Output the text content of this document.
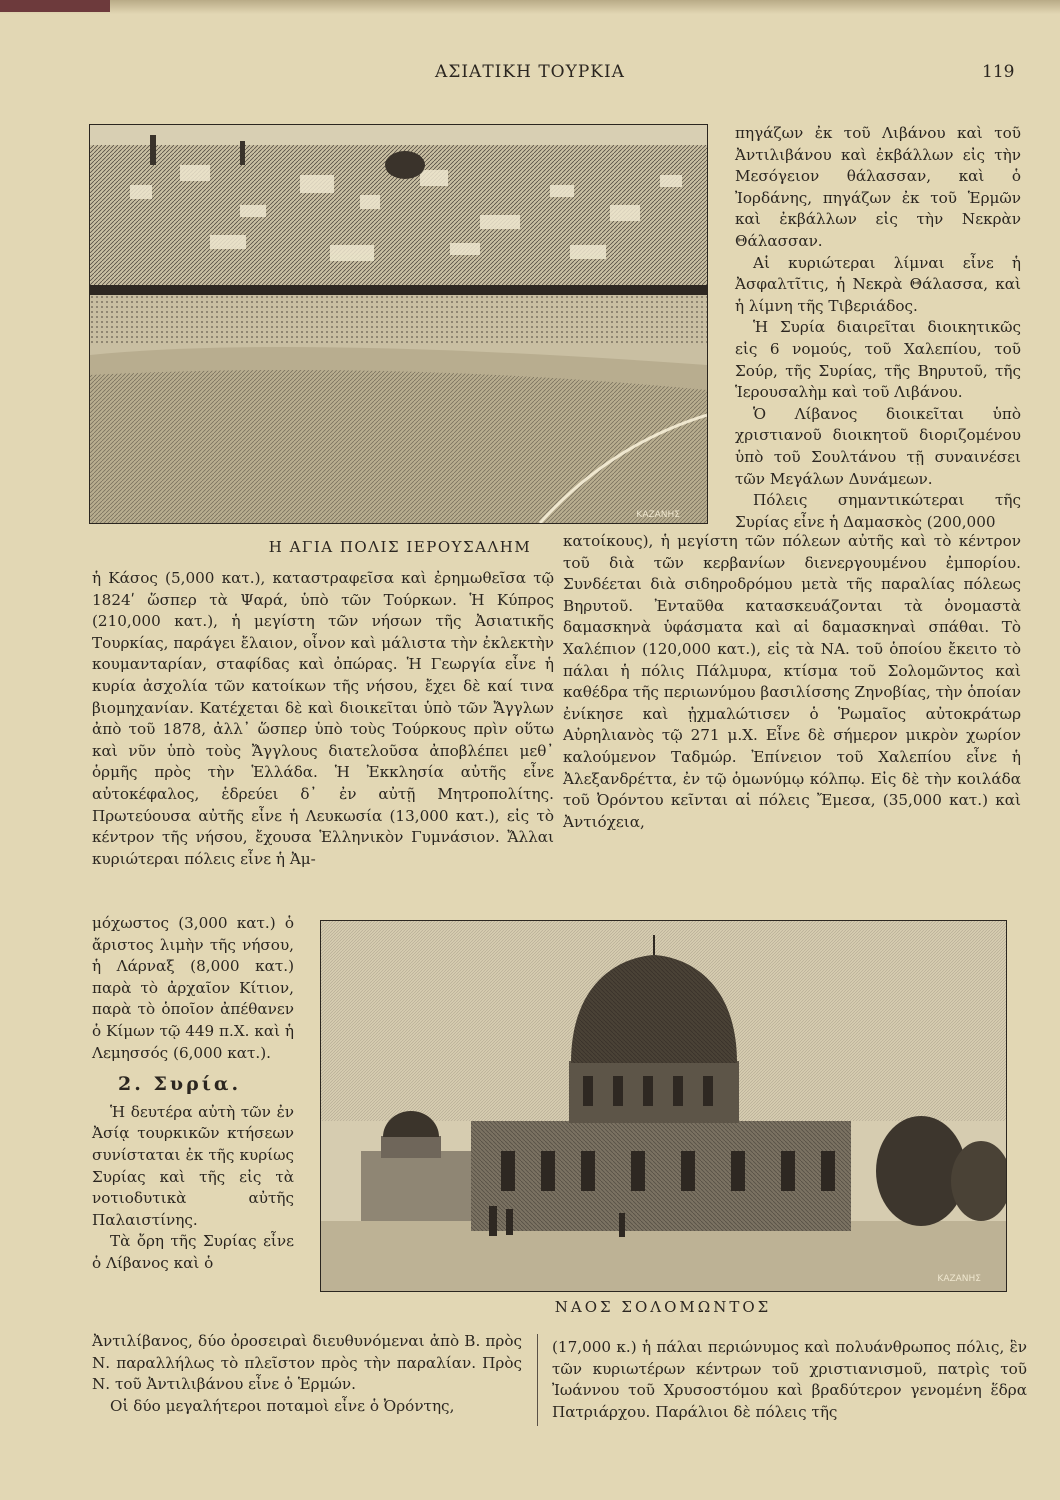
ΑΣΙΑΤΙΚΗ ΤΟΥΡΚΙΑ	119
ΚΑΖΑΝΗΣ
Η ΑΓΙΑ ΠΟΛΙΣ ΙΕΡΟΥΣΑΛΗΜ

πηγάζων ἐκ τοῦ Λιβάνου καὶ τοῦ Ἀντιλιβάνου καὶ ἐκβάλλων εἰς τὴν Μεσόγειον θάλασσαν, καὶ ὁ Ἰορδάνης, πηγάζων ἐκ τοῦ Ἑρμῶν καὶ ἐκβάλλων εἰς τὴν Νεκρὰν Θάλασσαν.

Αἱ κυριώτεραι λίμναι εἶνε ἡ Ἀσφαλτῖτις, ἡ Νεκρὰ Θάλασσα, καὶ ἡ λίμνη τῆς Τιβεριάδος.

Ἡ Συρία διαιρεῖται διοικητικῶς εἰς 6 νομούς, τοῦ Χαλεπίου, τοῦ Σούρ, τῆς Συρίας, τῆς Βηρυτοῦ, τῆς Ἱερουσαλὴμ καὶ τοῦ Λιβάνου.

Ὁ Λίβανος διοικεῖται ὑπὸ χριστιανοῦ διοικητοῦ διοριζομένου ὑπὸ τοῦ Σουλτάνου τῇ συναινέσει τῶν Μεγάλων Δυνάμεων.

Πόλεις σημαντικώτεραι τῆς Συρίας εἶνε ἡ Δαμασκὸς (200,000

κατοίκους), ἡ μεγίστη τῶν πόλεων αὐτῆς καὶ τὸ κέντρον τοῦ διὰ τῶν κερβανίων διενεργουμένου ἐμπορίου. Συνδέεται διὰ σιδηροδρόμου μετὰ τῆς παραλίας πόλεως Βηρυτοῦ. Ἐνταῦθα κατασκευάζονται τὰ ὀνομαστὰ δαμασκηνὰ ὑφάσματα καὶ αἱ δαμασκηναὶ σπάθαι. Τὸ Χαλέπιον (120,000 κατ.), εἰς τὰ ΝΑ. τοῦ ὁποίου ἔκειτο τὸ πάλαι ἡ πόλις Πάλμυρα, κτίσμα τοῦ Σολομῶντος καὶ καθέδρα τῆς περιωνύμου βασιλίσσης Ζηνοβίας, τὴν ὁποίαν ἐνίκησε καὶ ᾐχμαλώτισεν ὁ Ῥωμαῖος αὐτοκράτωρ Αὐρηλιανὸς τῷ 271 μ.Χ. Εἶνε δὲ σήμερον μικρὸν χωρίον καλούμενον Ταδμώρ. Ἐπίνειον τοῦ Χαλεπίου εἶνε ἡ Ἀλεξανδρέττα, ἐν τῷ ὁμωνύμῳ κόλπῳ. Εἰς δὲ τὴν κοιλάδα τοῦ Ὀρόντου κεῖνται αἱ πόλεις Ἔμεσα, (35,000 κατ.) καὶ Ἀντιόχεια,

ἡ Κάσος (5,000 κατ.), καταστραφεῖσα καὶ ἐρημωθεῖσα τῷ 1824ʹ ὥσπερ τὰ Ψαρά, ὑπὸ τῶν Τούρκων. Ἡ Κύπρος (210,000 κατ.), ἡ μεγίστη τῶν νήσων τῆς Ἀσιατικῆς Τουρκίας, παράγει ἔλαιον, οἶνον καὶ μάλιστα τὴν ἐκλεκτὴν κουμανταρίαν, σταφίδας καὶ ὀπώρας. Ἡ Γεωργία εἶνε ἡ κυρία ἀσχολία τῶν κατοίκων τῆς νήσου, ἔχει δὲ καί τινα βιομηχανίαν. Κατέχεται δὲ καὶ διοικεῖται ὑπὸ τῶν Ἄγγλων ἀπὸ τοῦ 1878, ἀλλ᾽ ὥσπερ ὑπὸ τοὺς Τούρκους πρὶν οὕτω καὶ νῦν ὑπὸ τοὺς Ἄγγλους διατελοῦσα ἀποβλέπει μεθ᾽ ὁρμῆς πρὸς τὴν Ἑλλάδα. Ἡ Ἐκκλησία αὐτῆς εἶνε αὐτοκέφαλος, ἑδρεύει δ᾽ ἐν αὐτῇ Μητροπολίτης. Πρωτεύουσα αὐτῆς εἶνε ἡ Λευκωσία (13,000 κατ.), εἰς τὸ κέντρον τῆς νήσου, ἔχουσα Ἑλληνικὸν Γυμνάσιον. Ἄλλαι κυριώτεραι πόλεις εἶνε ἡ Ἀμ-

μόχωστος (3,000 κατ.) ὁ ἄριστος λιμὴν τῆς νήσου, ἡ Λάρναξ (8,000 κατ.) παρὰ τὸ ἀρχαῖον Κίτιον, παρὰ τὸ ὁποῖον ἀπέθανεν ὁ Κίμων τῷ 449 π.Χ. καὶ ἡ Λεμησσός (6,000 κατ.).

2. Συρία.

Ἡ δευτέρα αὐτὴ τῶν ἐν Ἀσίᾳ τουρκικῶν κτήσεων συνίσταται ἐκ τῆς κυρίως Συρίας καὶ τῆς εἰς τὰ νοτιοδυτικὰ αὐτῆς Παλαιστίνης.

Τὰ ὄρη τῆς Συρίας εἶνε ὁ Λίβανος καὶ ὁ

ΚΑΖΑΝΗΣ
ΝΑΟΣ ΣΟΛΟΜΩΝΤΟΣ

Ἀντιλίβανος, δύο ὀροσειραὶ διευθυνόμεναι ἀπὸ Β. πρὸς Ν. παραλλήλως τὸ πλεῖστον πρὸς τὴν παραλίαν. Πρὸς Ν. τοῦ Ἀντιλιβάνου εἶνε ὁ Ἑρμών.

Οἱ δύο μεγαλήτεροι ποταμοὶ εἶνε ὁ Ὀρόντης,

(17,000 κ.) ἡ πάλαι περιώνυμος καὶ πολυάνθρωπος πόλις, ἓν τῶν κυριωτέρων κέντρων τοῦ χριστιανισμοῦ, πατρὶς τοῦ Ἰωάννου τοῦ Χρυσοστόμου καὶ βραδύτερον γενομένη ἕδρα Πατριάρχου. Παράλιοι δὲ πόλεις τῆς
